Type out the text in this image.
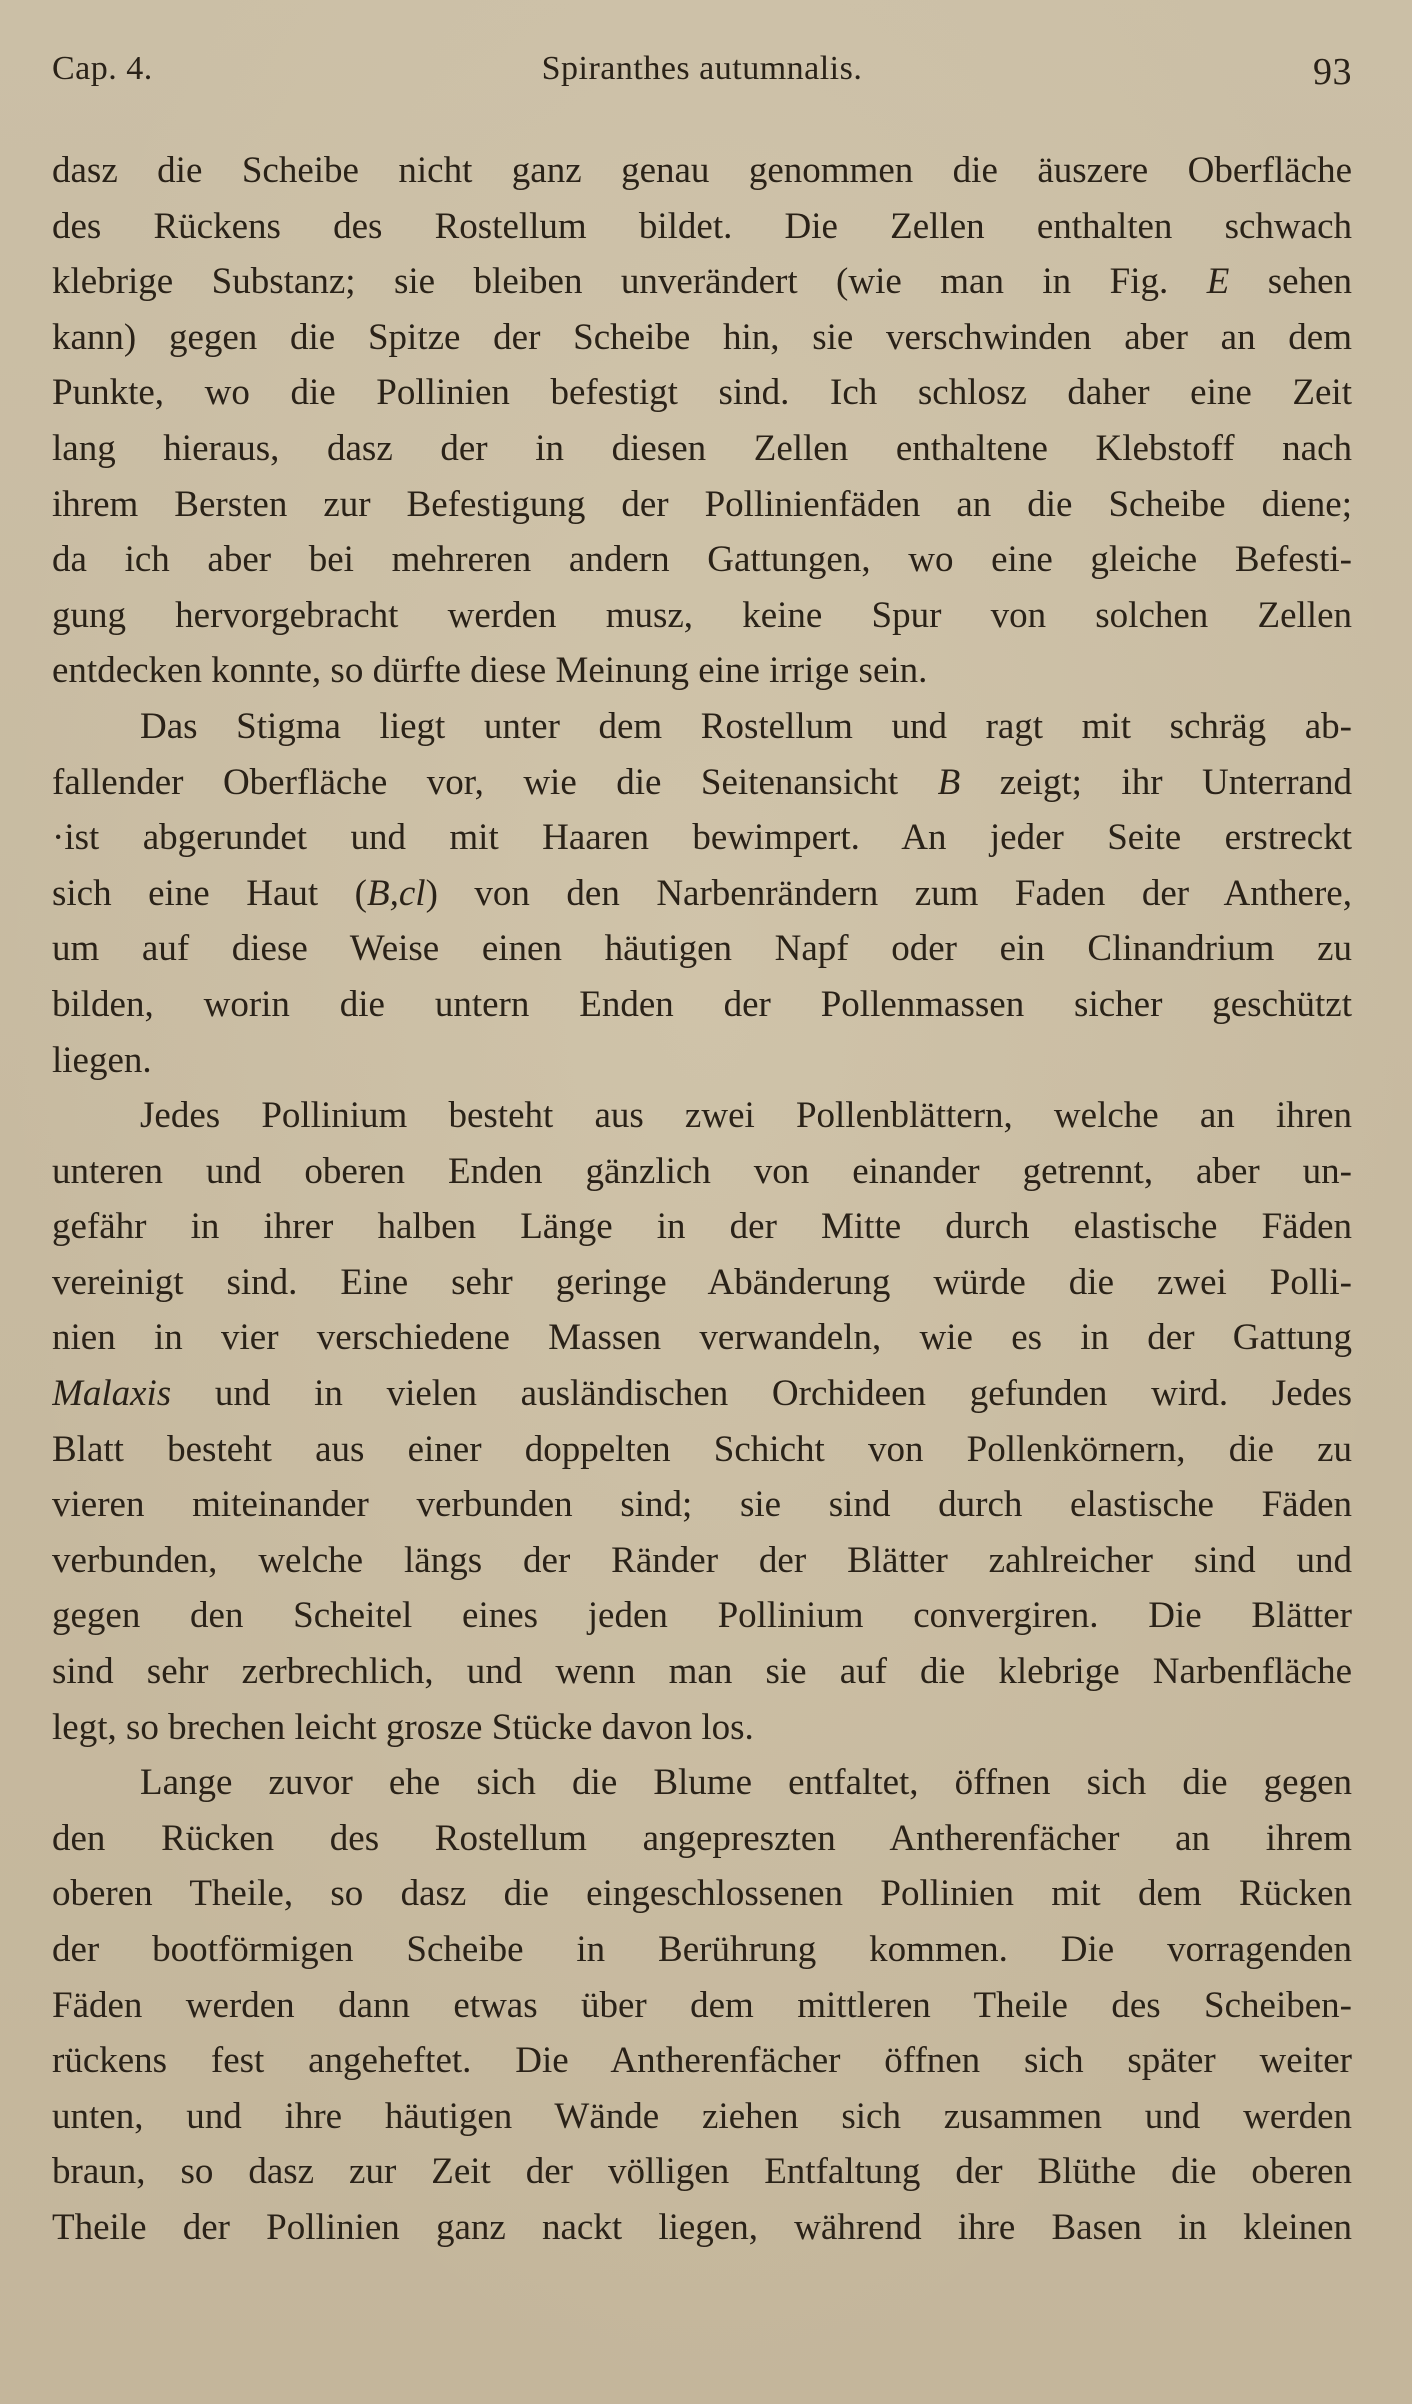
Cap. 4.	Spiranthes autumnalis.	93
dasz die Scheibe nicht ganz genau genommen die äuszere Oberfläche
des Rückens des Rostellum bildet. Die Zellen enthalten schwach
klebrige Substanz; sie bleiben unverändert (wie man in Fig. E sehen
kann) gegen die Spitze der Scheibe hin, sie verschwinden aber an dem
Punkte, wo die Pollinien befestigt sind. Ich schlosz daher eine Zeit
lang hieraus, dasz der in diesen Zellen enthaltene Klebstoff nach
ihrem Bersten zur Befestigung der Pollinienfäden an die Scheibe diene;
da ich aber bei mehreren andern Gattungen, wo eine gleiche Befesti-
gung hervorgebracht werden musz, keine Spur von solchen Zellen
entdecken konnte, so dürfte diese Meinung eine irrige sein.
Das Stigma liegt unter dem Rostellum und ragt mit schräg ab-
fallender Oberfläche vor, wie die Seitenansicht B zeigt; ihr Unterrand
·ist abgerundet und mit Haaren bewimpert. An jeder Seite erstreckt
sich eine Haut (B,cl) von den Narbenrändern zum Faden der Anthere,
um auf diese Weise einen häutigen Napf oder ein Clinandrium zu
bilden, worin die untern Enden der Pollenmassen sicher geschützt
liegen.
Jedes Pollinium besteht aus zwei Pollenblättern, welche an ihren
unteren und oberen Enden gänzlich von einander getrennt, aber un-
gefähr in ihrer halben Länge in der Mitte durch elastische Fäden
vereinigt sind. Eine sehr geringe Abänderung würde die zwei Polli-
nien in vier verschiedene Massen verwandeln, wie es in der Gattung
Malaxis und in vielen ausländischen Orchideen gefunden wird. Jedes
Blatt besteht aus einer doppelten Schicht von Pollenkörnern, die zu
vieren miteinander verbunden sind; sie sind durch elastische Fäden
verbunden, welche längs der Ränder der Blätter zahlreicher sind und
gegen den Scheitel eines jeden Pollinium convergiren. Die Blätter
sind sehr zerbrechlich, und wenn man sie auf die klebrige Narbenfläche
legt, so brechen leicht grosze Stücke davon los.
Lange zuvor ehe sich die Blume entfaltet, öffnen sich die gegen
den Rücken des Rostellum angepreszten Antherenfächer an ihrem
oberen Theile, so dasz die eingeschlossenen Pollinien mit dem Rücken
der bootförmigen Scheibe in Berührung kommen. Die vorragenden
Fäden werden dann etwas über dem mittleren Theile des Scheiben-
rückens fest angeheftet. Die Antherenfächer öffnen sich später weiter
unten, und ihre häutigen Wände ziehen sich zusammen und werden
braun, so dasz zur Zeit der völligen Entfaltung der Blüthe die oberen
Theile der Pollinien ganz nackt liegen, während ihre Basen in kleinen
